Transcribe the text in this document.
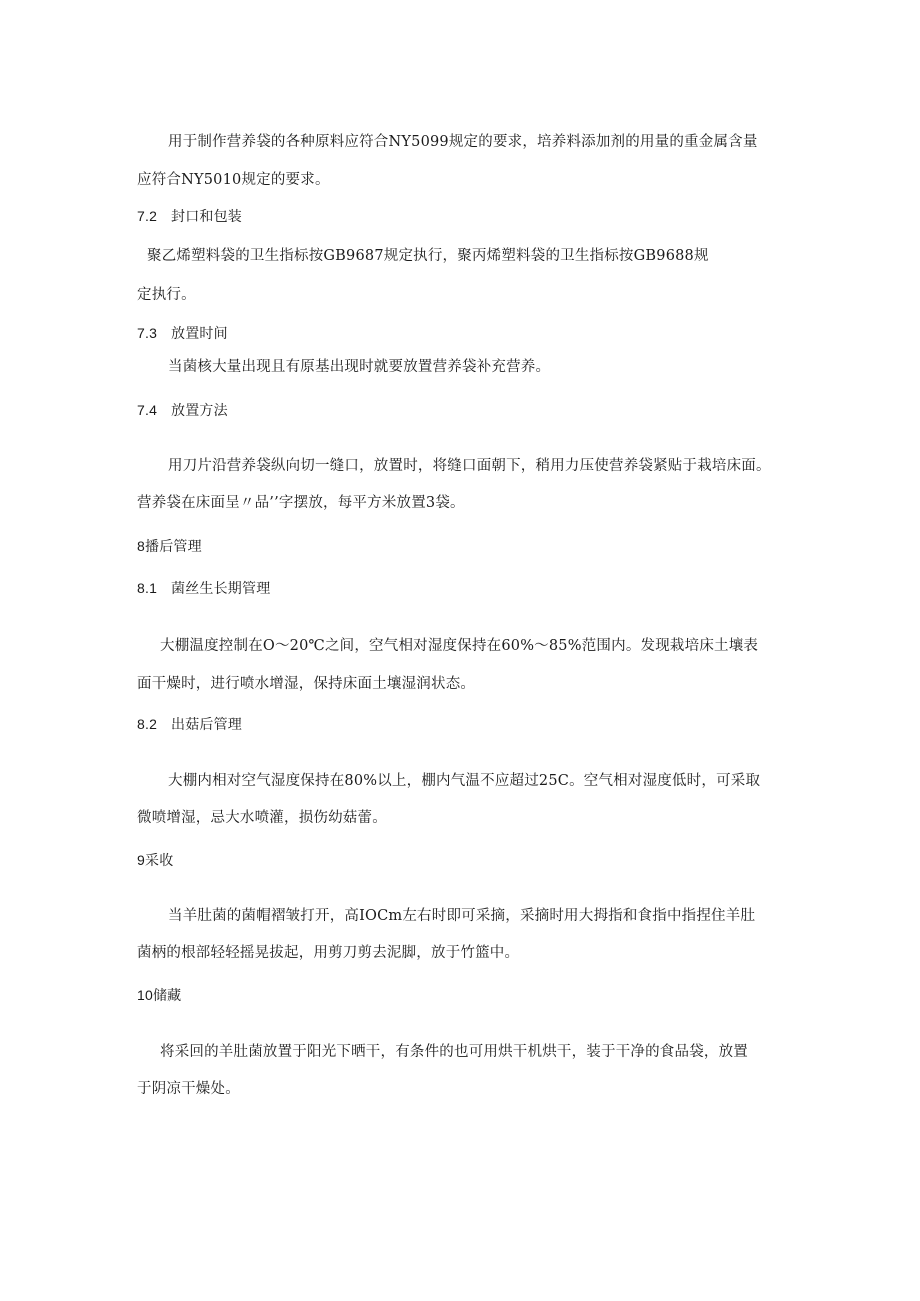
用于制作营养袋的各种原料应符合NY5099规定的要求，培养料添加剂的用量的重金属含量
应符合NY5010规定的要求。
7.2 封口和包装
聚乙烯塑料袋的卫生指标按GB9687规定执行，聚丙烯塑料袋的卫生指标按GB9688规
定执行。
7.3 放置时间
当菌核大量出现且有原基出现时就要放置营养袋补充营养。
7.4 放置方法
用刀片沿营养袋纵向切一缝口，放置时，将缝口面朝下，稍用力压使营养袋紧贴于栽培床面。
营养袋在床面呈〃品’’字摆放，每平方米放置3袋。
8播后管理
8.1 菌丝生长期管理
大棚温度控制在O～20℃之间，空气相对湿度保持在60%～85%范围内。发现栽培床土壤表
面干燥时，进行喷水增湿，保持床面土壤湿润状态。
8.2 出菇后管理
大棚内相对空气湿度保持在80%以上，棚内气温不应超过25C。空气相对湿度低时，可采取
微喷增湿，忌大水喷灌，损伤幼菇蕾。
9采收
当羊肚菌的菌帽褶皱打开，高IOCm左右时即可采摘，采摘时用大拇指和食指中指捏住羊肚
菌柄的根部轻轻摇晃拔起，用剪刀剪去泥脚，放于竹篮中。
10储藏
将采回的羊肚菌放置于阳光下晒干，有条件的也可用烘干机烘干，装于干净的食品袋，放置
于阴凉干燥处。
